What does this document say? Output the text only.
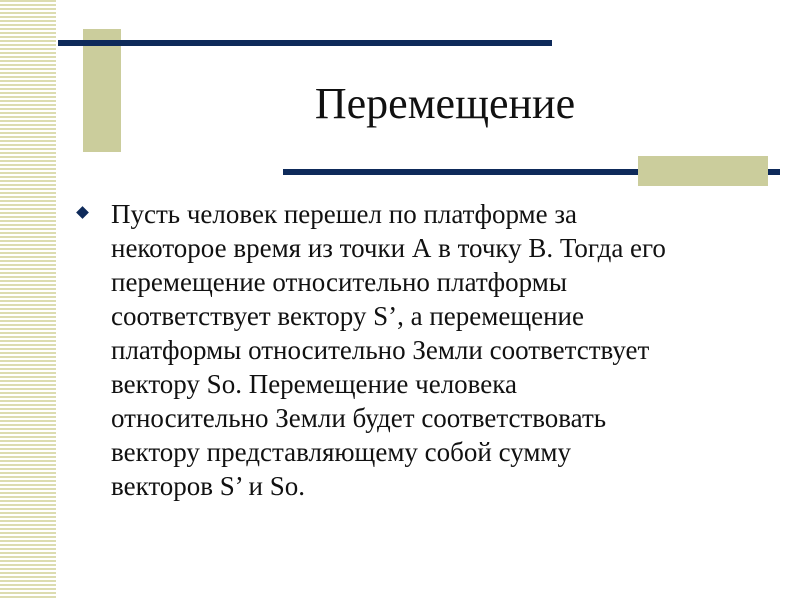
Перемещение
Пусть человек перешел по платформе за
некоторое время из точки А в точку В. Тогда его
перемещение относительно платформы
соответствует вектору S’, а перемещение
платформы относительно Земли соответствует
вектору Sо. Перемещение человека
относительно Земли будет соответствовать
вектору представляющему собой сумму
векторов S’ и Sо.
